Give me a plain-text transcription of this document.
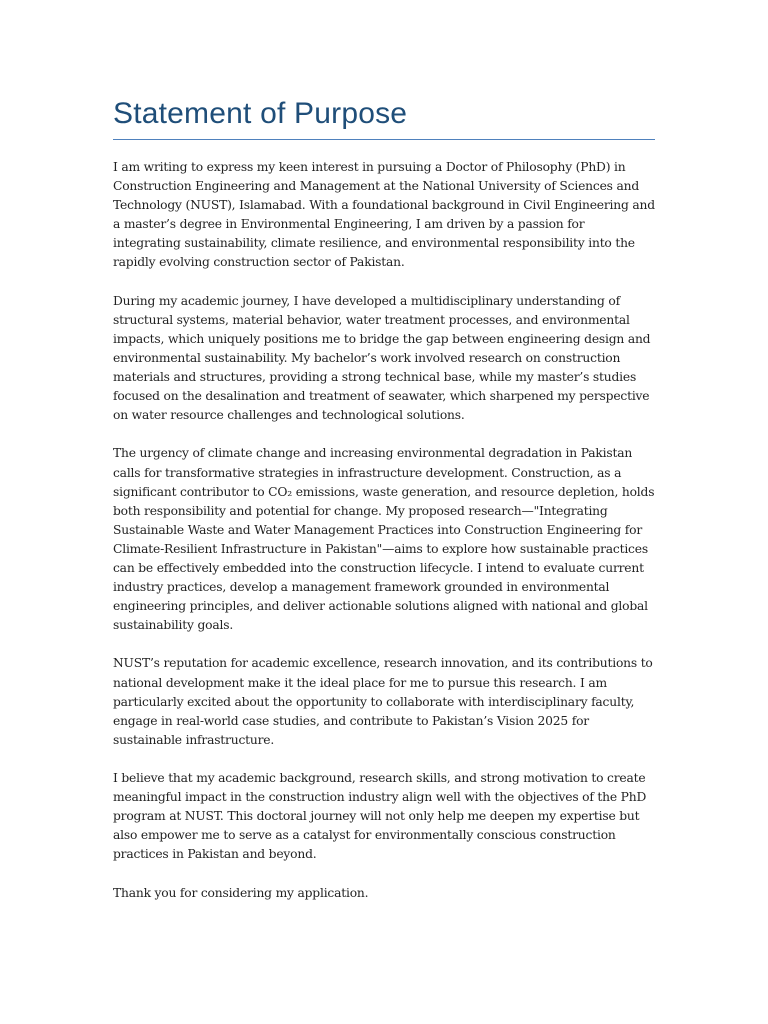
Statement of Purpose

I am writing to express my keen interest in pursuing a Doctor of Philosophy (PhD) in Construction Engineering and Management at the National University of Sciences and Technology (NUST), Islamabad. With a foundational background in Civil Engineering and a master’s degree in Environmental Engineering, I am driven by a passion for integrating sustainability, climate resilience, and environmental responsibility into the rapidly evolving construction sector of Pakistan.

During my academic journey, I have developed a multidisciplinary understanding of structural systems, material behavior, water treatment processes, and environmental impacts, which uniquely positions me to bridge the gap between engineering design and environmental sustainability. My bachelor’s work involved research on construction materials and structures, providing a strong technical base, while my master’s studies focused on the desalination and treatment of seawater, which sharpened my perspective on water resource challenges and technological solutions.

The urgency of climate change and increasing environmental degradation in Pakistan calls for transformative strategies in infrastructure development. Construction, as a significant contributor to CO₂ emissions, waste generation, and resource depletion, holds both responsibility and potential for change. My proposed research—"Integrating Sustainable Waste and Water Management Practices into Construction Engineering for Climate-Resilient Infrastructure in Pakistan"—aims to explore how sustainable practices can be effectively embedded into the construction lifecycle. I intend to evaluate current industry practices, develop a management framework grounded in environmental engineering principles, and deliver actionable solutions aligned with national and global sustainability goals.

NUST’s reputation for academic excellence, research innovation, and its contributions to national development make it the ideal place for me to pursue this research. I am particularly excited about the opportunity to collaborate with interdisciplinary faculty, engage in real-world case studies, and contribute to Pakistan’s Vision 2025 for sustainable infrastructure.

I believe that my academic background, research skills, and strong motivation to create meaningful impact in the construction industry align well with the objectives of the PhD program at NUST. This doctoral journey will not only help me deepen my expertise but also empower me to serve as a catalyst for environmentally conscious construction practices in Pakistan and beyond.

Thank you for considering my application.
